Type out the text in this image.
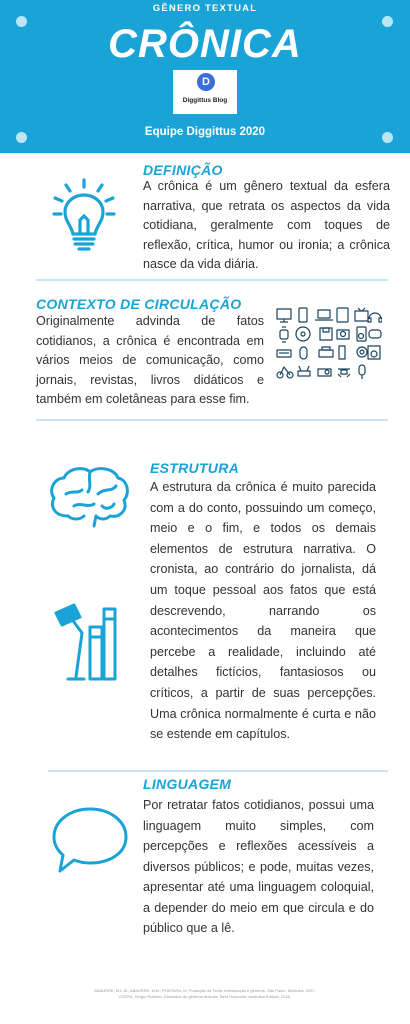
GÊNERO TEXTUAL
CRÔNICA
D
Diggittus Blog
Equipe Diggittus 2020
DEFINIÇÃO
A crônica é um gênero textual da esfera narrativa, que retrata os aspectos da vida cotidiana, geralmente com toques de reflexão, crítica, humor ou ironia; a crônica nasce da vida diária.
CONTEXTO DE CIRCULAÇÃO
Originalmente advinda de fatos cotidianos, a crônica é encontrada em vários meios de comunicação, como jornais, revistas, livros didáticos e também em coletâneas para esse fim.
ESTRUTURA
A estrutura da crônica é muito parecida com a do conto, possuindo um começo, meio e o fim, e todos os demais elementos de estrutura narrativa. O cronista, ao contrário do jornalista, dá um toque pessoal aos fatos que está descrevendo, narrando os acontecimentos da maneira que percebe a realidade, incluindo até detalhes fictícios, fantasiosos ou críticos, a partir de suas percepções. Uma crônica normalmente é curta e não se estende em capítulos.
LINGUAGEM
Por retratar fatos cotidianos, possui uma linguagem muito simples, com percepções e reflexões acessíveis a diversos públicos; e pode, muitas vezes, apresentar até uma linguagem coloquial, a depender do meio em que circula e do público que a lê.
ABAURRE, M.L.M.; ABAURRE, M.B.; PONTARA, M. Produção de Texto: interlocução e gêneros. São Paulo: Moderna, 2007.
COSTA, Sérgio Roberto. Dicionário de gêneros textuais. Belo Horizonte: Autêntica Editora, 2018.
